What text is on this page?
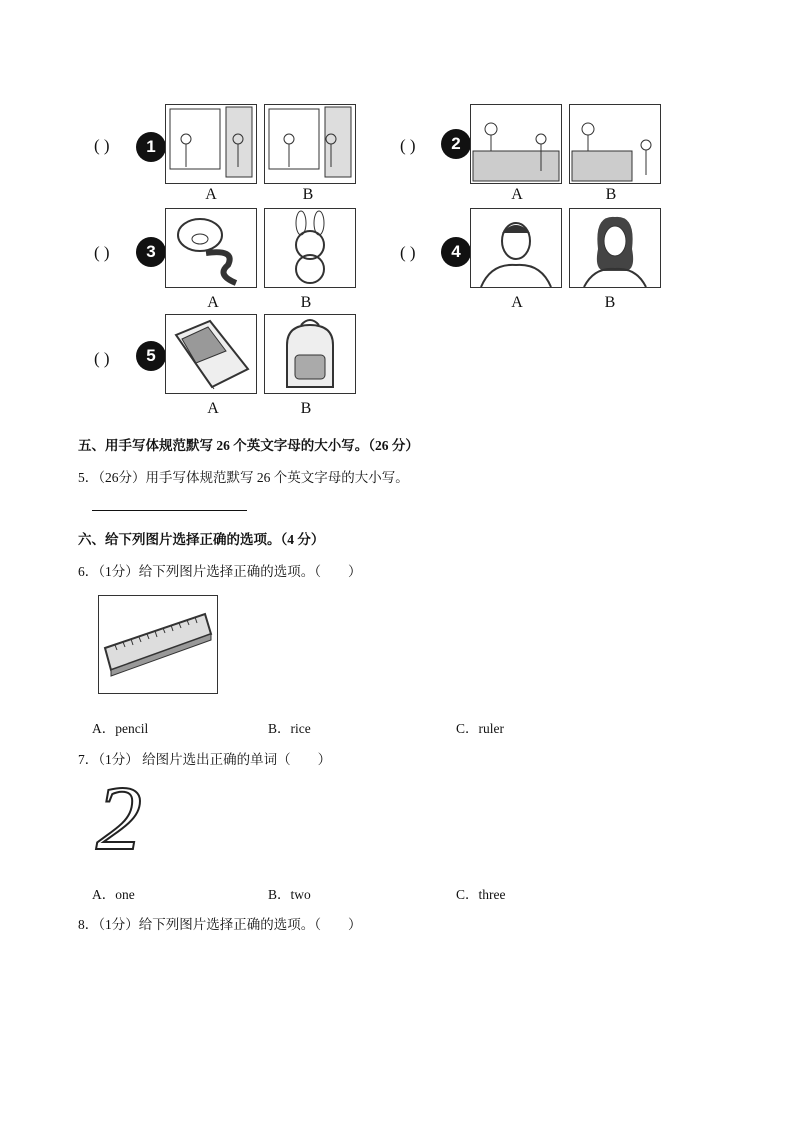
( )	1
A	B
( )	2
A	B
( )	3
A	B
( )	4
A	B
( )	5
A	B
五、用手写体规范默写 26 个英文字母的大小写。（26 分）
5．（26分）用手写体规范默写 26 个英文字母的大小写。
六、给下列图片选择正确的选项。（4 分）
6．（1分）给下列图片选择正确的选项。（　　）
A．pencil	B．rice	C．ruler
7．（1分） 给图片选出正确的单词（　　）
2
A．one	B．two	C．three
8．（1分）给下列图片选择正确的选项。（　　）
